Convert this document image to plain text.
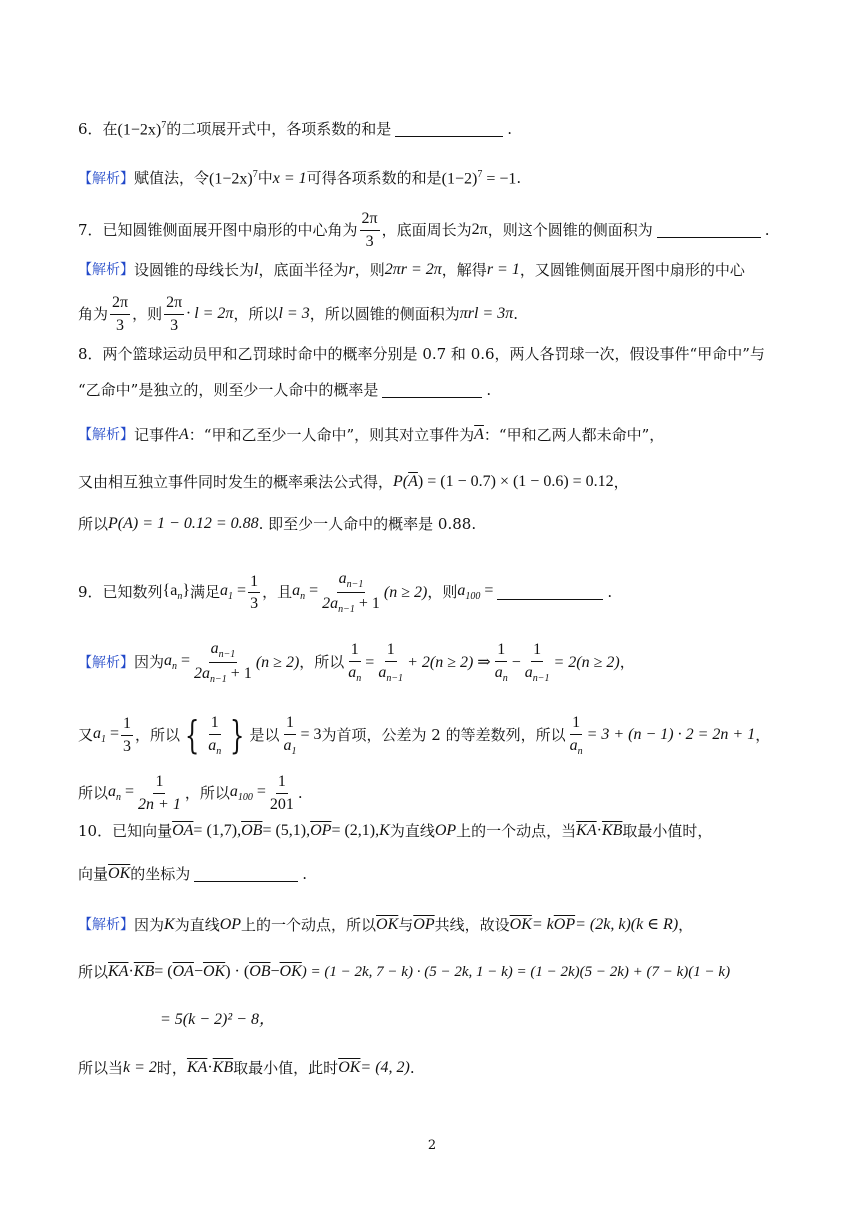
6．在 $(1-2x)^7$ 的二项展开式中，各项系数的和是	.
【解析】 赋值法，令 $(1-2x)^7$ 中 x = 1 可得各项系数的和是 $(1-2)^7 = -1$ .
7．已知圆锥侧面展开图中扇形的中心角为 $\frac{2\pi}{3}$ ，底面周长为 2π ，则这个圆锥的侧面积为	.
【解析】 设圆锥的母线长为 l ，底面半径为 r ，则 2πr = 2π ，解得 r = 1 ，又圆锥侧面展开图中扇形的中心
角为 $\frac{2\pi}{3}$ ，则 $\frac{2\pi}{3} \cdot l = 2\pi$ ，所以 l = 3 ，所以圆锥的侧面积为 πrl = 3π .
8．两个篮球运动员甲和乙罚球时命中的概率分别是 0.7 和 0.6，两人各罚球一次，假设事件“甲命中”与
“乙命中”是独立的，则至少一人命中的概率是	.
【解析】 记事件 A ：“甲和乙至少一人命中”，则其对立事件为 $\overline{A}$ ：“甲和乙两人都未命中”，
又由相互独立事件同时发生的概率乘法公式得， $P(\overline{A}) = (1 - 0.7) \times (1 - 0.6) = 0.12$ ，
所以 P(A) = 1 − 0.12 = 0.88 . 即至少一人命中的概率是 0.88.
9．已知数列 $\{a_n\}$ 满足 $a_1 = \frac{1}{3}$ ，且 $a_n = \frac{a_{n-1}}{2a_{n-1} + 1} (n \ge 2)$ ，则 $a_{100}$ =	.
【解析】 因为 $a_n = \frac{a_{n-1}}{2a_{n-1} + 1} (n \ge 2)$ ，所以 $\frac{1}{a_n} = \frac{1}{a_{n-1}} + 2(n \ge 2)$ ⇒ $\frac{1}{a_n} - \frac{1}{a_{n-1}} = 2(n \ge 2)$ ，
又 $a_1 = \frac{1}{3}$ ，所以 { $\frac{1}{a_n}$ } 是以 $\frac{1}{a_1} = 3$ 为首项，公差为 2 的等差数列，所以 $\frac{1}{a_n} = 3 + (n - 1) \cdot 2 = 2n + 1$ ，
所以 $a_n = \frac{1}{2n + 1}$ ，所以 $a_{100} = \frac{1}{201}$ .
10．已知向量 $\overline{OA} = (1,7)$, $\overline{OB} = (5,1)$, $\overline{OP} = (2,1)$, K 为直线 OP 上的一个动点，当 $\overline{KA} \cdot \overline{KB}$ 取最小值时，
向量 $\overline{OK}$ 的坐标为	.
【解析】 因为 K 为直线 OP 上的一个动点，所以 $\overline{OK}$ 与 $\overline{OP}$ 共线，故设 $\overline{OK} = k$ $\overline{OP} = (2k$, k)(k ∈ R) ，
所以 $\overline{KA} \cdot \overline{KB}$ = ( $\overline{OA} - \overline{OK}$ ) · ( $\overline{OB} - \overline{OK}$ ) = (1 − 2k, 7 − k) · (5 − 2k, 1 − k) = (1 − 2k)(5 − 2k) + (7 − k)(1 − k)
= 5(k − 2)² − 8，
所以当 k = 2 时， $\overline{KA} \cdot \overline{KB}$ 取最小值，此时 $\overline{OK} = (4$, 2) .
2
